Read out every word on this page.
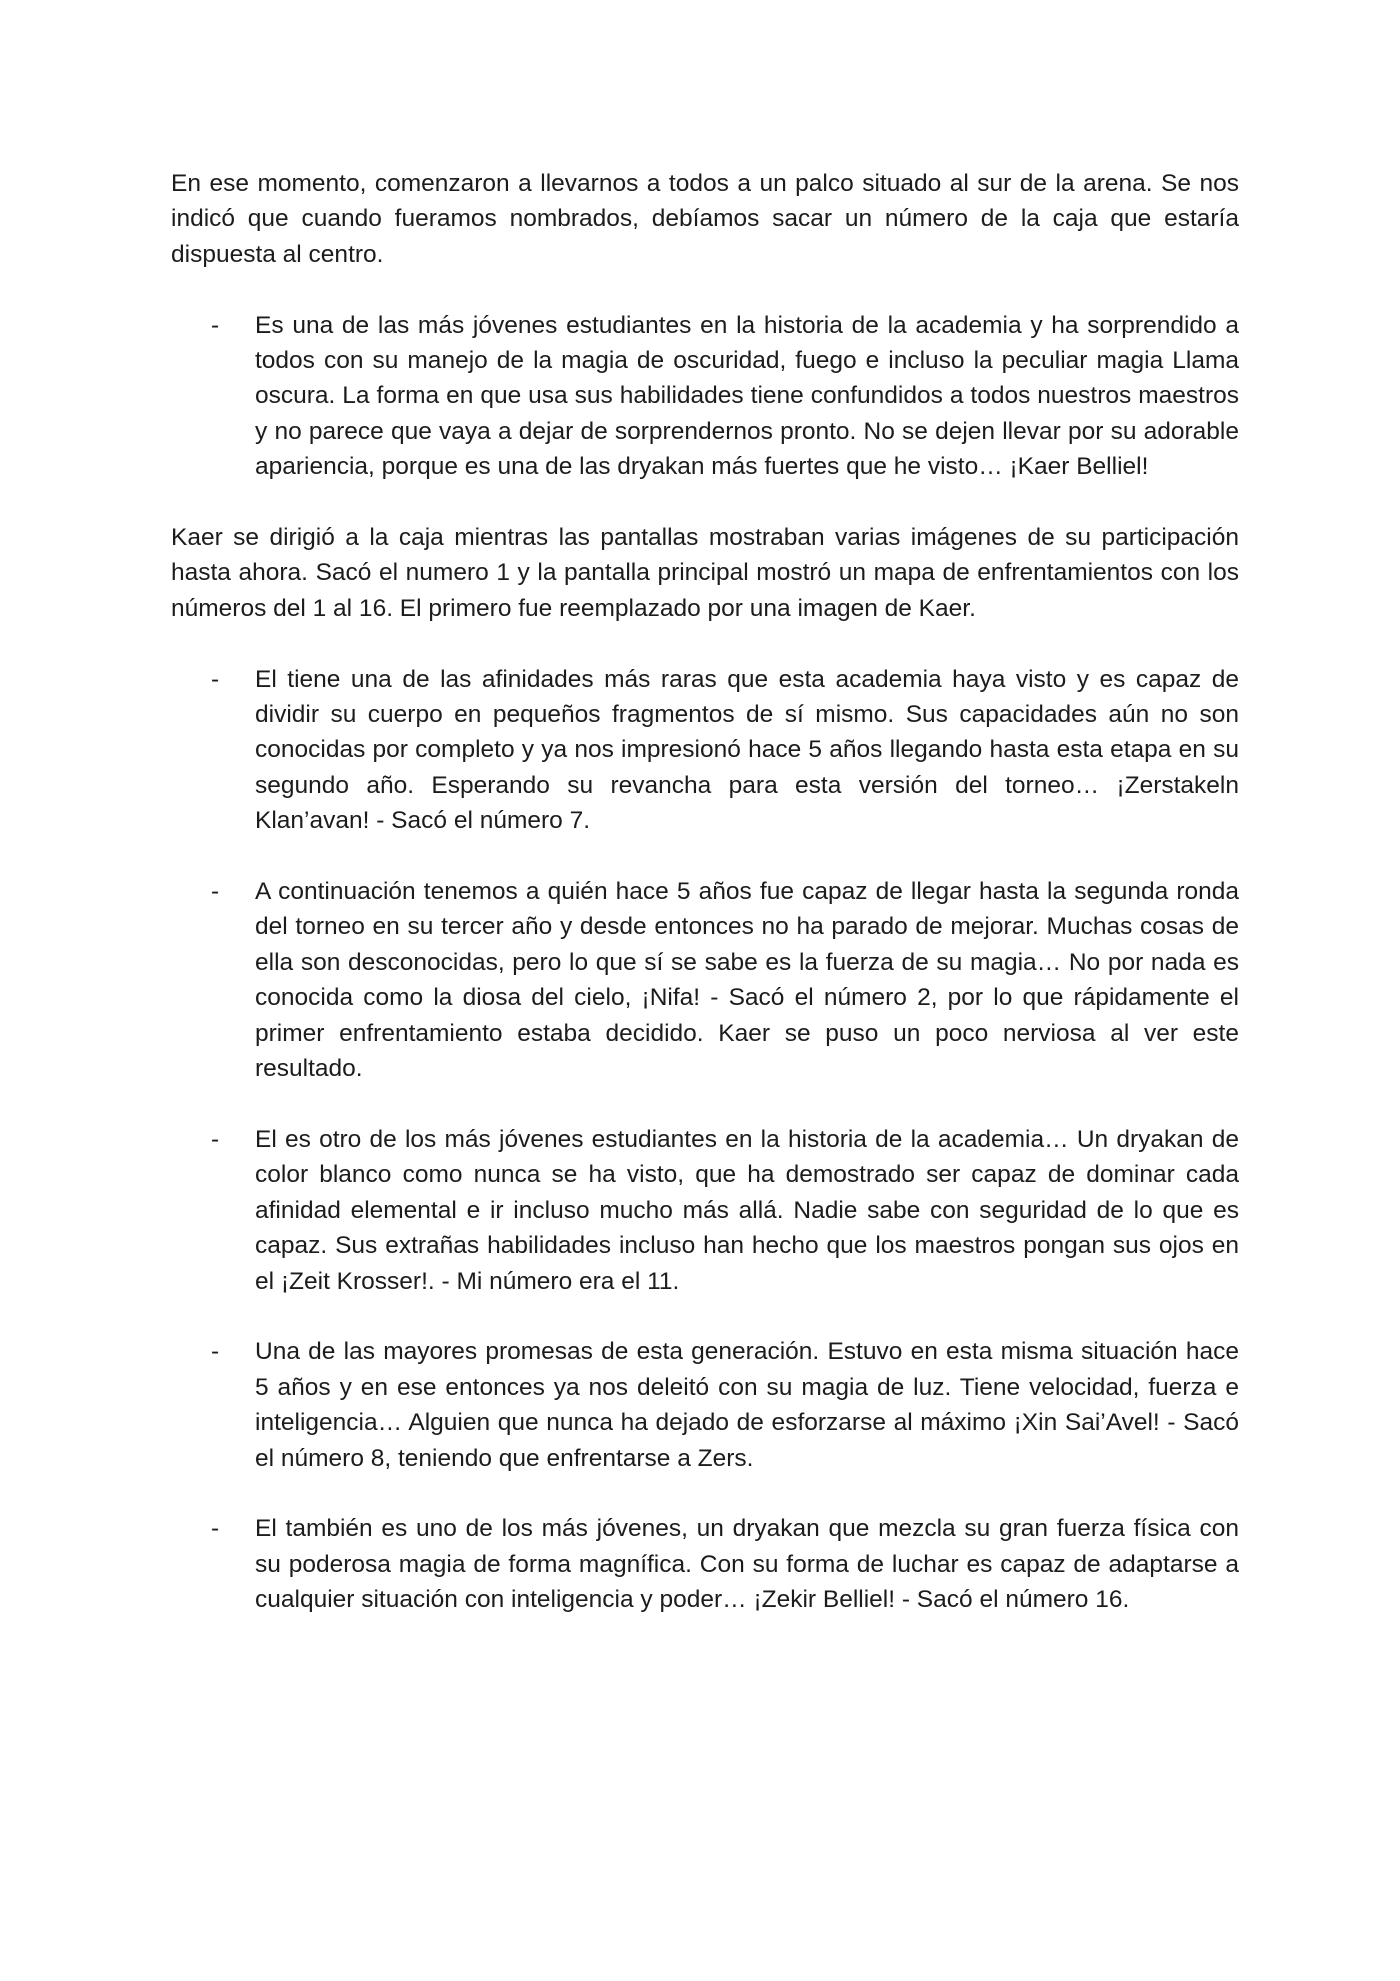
En ese momento, comenzaron a llevarnos a todos a un palco situado al sur de la arena. Se nos indicó que cuando fueramos nombrados, debíamos sacar un número de la caja que estaría dispuesta al centro.

- Es una de las más jóvenes estudiantes en la historia de la academia y ha sorprendido a todos con su manejo de la magia de oscuridad, fuego e incluso la peculiar magia Llama oscura. La forma en que usa sus habilidades tiene confundidos a todos nuestros maestros y no parece que vaya a dejar de sorprendernos pronto. No se dejen llevar por su adorable apariencia, porque es una de las dryakan más fuertes que he visto… ¡Kaer Belliel!

Kaer se dirigió a la caja mientras las pantallas mostraban varias imágenes de su participación hasta ahora. Sacó el numero 1 y la pantalla principal mostró un mapa de enfrentamientos con los números del 1 al 16. El primero fue reemplazado por una imagen de Kaer.

- El tiene una de las afinidades más raras que esta academia haya visto y es capaz de dividir su cuerpo en pequeños fragmentos de sí mismo. Sus capacidades aún no son conocidas por completo y ya nos impresionó hace 5 años llegando hasta esta etapa en su segundo año. Esperando su revancha para esta versión del torneo… ¡Zerstakeln Klan’avan! - Sacó el número 7.
- A continuación tenemos a quién hace 5 años fue capaz de llegar hasta la segunda ronda del torneo en su tercer año y desde entonces no ha parado de mejorar. Muchas cosas de ella son desconocidas, pero lo que sí se sabe es la fuerza de su magia… No por nada es conocida como la diosa del cielo, ¡Nifa! - Sacó el número 2, por lo que rápidamente el primer enfrentamiento estaba decidido. Kaer se puso un poco nerviosa al ver este resultado.
- El es otro de los más jóvenes estudiantes en la historia de la academia… Un dryakan de color blanco como nunca se ha visto, que ha demostrado ser capaz de dominar cada afinidad elemental e ir incluso mucho más allá. Nadie sabe con seguridad de lo que es capaz. Sus extrañas habilidades incluso han hecho que los maestros pongan sus ojos en el ¡Zeit Krosser!. - Mi número era el 11.
- Una de las mayores promesas de esta generación. Estuvo en esta misma situación hace 5 años y en ese entonces ya nos deleitó con su magia de luz. Tiene velocidad, fuerza e inteligencia… Alguien que nunca ha dejado de esforzarse al máximo ¡Xin Sai’Avel! - Sacó el número 8, teniendo que enfrentarse a Zers.
- El también es uno de los más jóvenes, un dryakan que mezcla su gran fuerza física con su poderosa magia de forma magnífica. Con su forma de luchar es capaz de adaptarse a cualquier situación con inteligencia y poder… ¡Zekir Belliel! - Sacó el número 16.
